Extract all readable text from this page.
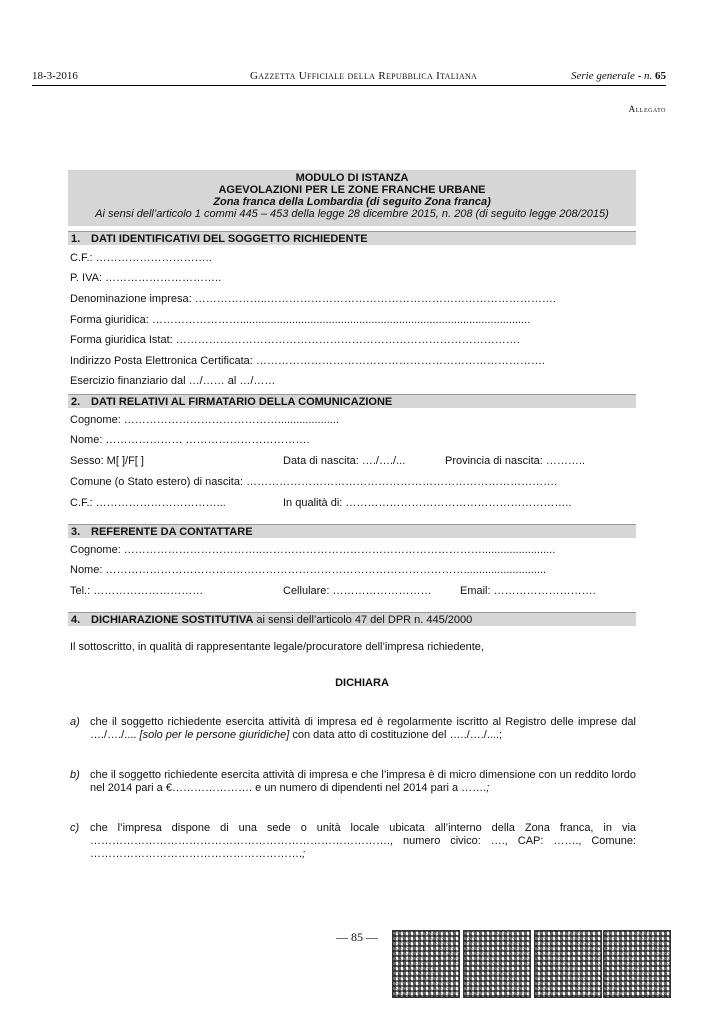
18-3-2016	Gazzetta Ufficiale della Repubblica Italiana	Serie generale - n. 65
Allegato
MODULO DI ISTANZA
AGEVOLAZIONI PER LE ZONE FRANCHE URBANE
Zona franca della Lombardia (di seguito Zona franca)
Ai sensi dell’articolo 1 commi 445 – 453 della legge 28 dicembre 2015, n. 208 (di seguito legge 208/2015)
1. DATI IDENTIFICATIVI DEL SOGGETTO RICHIEDENTE
C.F.: …………………………..
P. IVA: …………………………..
Denominazione impresa: ………………..…………………………………………………………………….
Forma giuridica: ……………………...............................................................................................
Forma giuridica Istat: ………………………………………………………………………………….
Indirizzo Posta Elettronica Certificata: …………………………………………………………………….
Esercizio finanziario dal …/…… al …/……
2. DATI RELATIVI AL FIRMATARIO DELLA COMUNICAZIONE
Cognome: ……………………………………....................
Nome: ………………… …………………………….
Sesso: M[ ]/F[ ]	Data di nascita: …./…./...	Provincia di nascita: ………..
Comune (o Stato estero) di nascita: ………………………………………………………………………….
C.F.: ……………………………...	In qualità di: ……………………………………………………..
3. REFERENTE DA CONTATTARE
Cognome: ………………………………..……………………………………………………........................
Nome: ……………………………..………………………………………………………...........................
Tel.: …………………………	Cellulare: ………………………	Email: ……………………….
4. DICHIARAZIONE SOSTITUTIVA ai sensi dell’articolo 47 del DPR n. 445/2000
Il sottoscritto, in qualità di rappresentante legale/procuratore dell’impresa richiedente,
DICHIARA
a) che il soggetto richiedente esercita attività di impresa ed è regolarmente iscritto al Registro delle imprese dal …./…./.... [solo per le persone giuridiche] con data atto di costituzione del …../…./....;
b) che il soggetto richiedente esercita attività di impresa e che l’impresa è di micro dimensione con un reddito lordo nel 2014 pari a €…………………. e un numero di dipendenti nel 2014 pari a …….;
c) che l’impresa dispone di una sede o unità locale ubicata all’interno della Zona franca, in via ………………………………………………………………………., numero civico: …., CAP: ……., Comune: ………………………………………………….;
— 85 —
